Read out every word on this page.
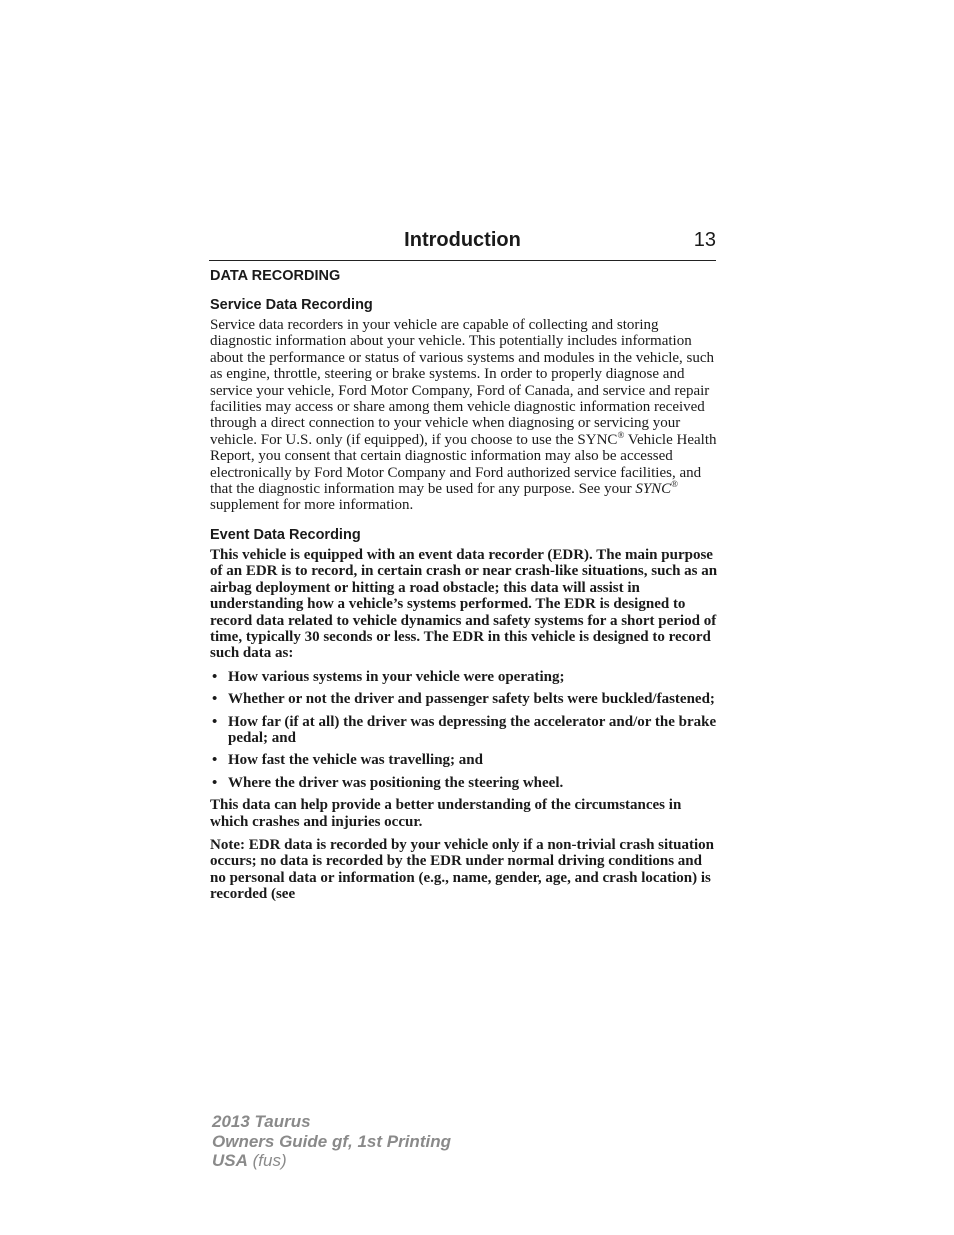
Introduction	13
DATA RECORDING
Service Data Recording

Service data recorders in your vehicle are capable of collecting and storing diagnostic information about your vehicle. This potentially includes information about the performance or status of various systems and modules in the vehicle, such as engine, throttle, steering or brake systems. In order to properly diagnose and service your vehicle, Ford Motor Company, Ford of Canada, and service and repair facilities may access or share among them vehicle diagnostic information received through a direct connection to your vehicle when diagnosing or servicing your vehicle. For U.S. only (if equipped), if you choose to use the SYNC® Vehicle Health Report, you consent that certain diagnostic information may also be accessed electronically by Ford Motor Company and Ford authorized service facilities, and that the diagnostic information may be used for any purpose. See your SYNC® supplement for more information.

Event Data Recording

This vehicle is equipped with an event data recorder (EDR). The main purpose of an EDR is to record, in certain crash or near crash-like situations, such as an airbag deployment or hitting a road obstacle; this data will assist in understanding how a vehicle’s systems performed. The EDR is designed to record data related to vehicle dynamics and safety systems for a short period of time, typically 30 seconds or less. The EDR in this vehicle is designed to record such data as:

• How various systems in your vehicle were operating;
• Whether or not the driver and passenger safety belts were buckled/fastened;
• How far (if at all) the driver was depressing the accelerator and/or the brake pedal; and
• How fast the vehicle was travelling; and
• Where the driver was positioning the steering wheel.

This data can help provide a better understanding of the circumstances in which crashes and injuries occur.

Note: EDR data is recorded by your vehicle only if a non-trivial crash situation occurs; no data is recorded by the EDR under normal driving conditions and no personal data or information (e.g., name, gender, age, and crash location) is recorded (see

2013 Taurus
Owners Guide gf, 1st Printing
USA (fus)
